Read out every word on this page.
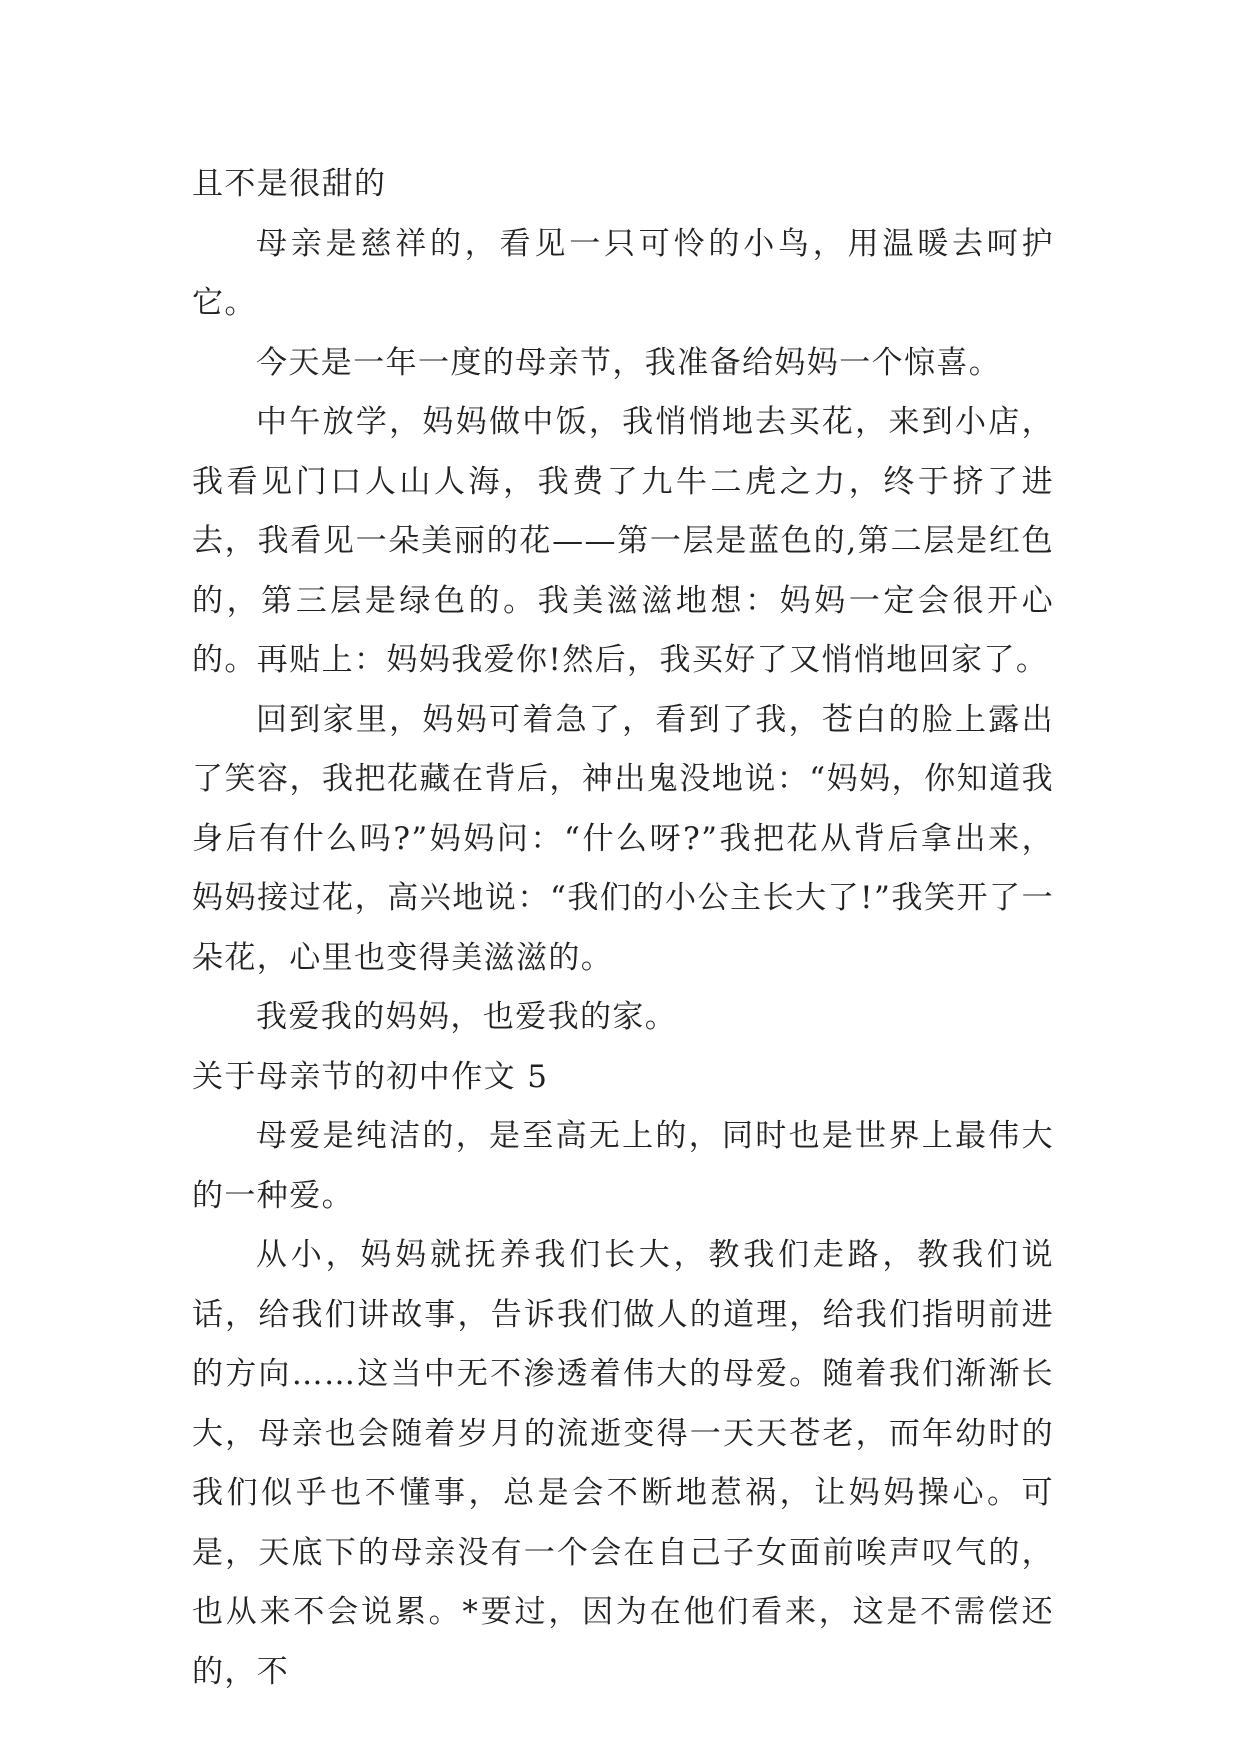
且不是很甜的

母亲是慈祥的，看见一只可怜的小鸟，用温暖去呵护它。

今天是一年一度的母亲节，我准备给妈妈一个惊喜。

中午放学，妈妈做中饭，我悄悄地去买花，来到小店，我看见门口人山人海，我费了九牛二虎之力，终于挤了进去，我看见一朵美丽的花——第一层是蓝色的,第二层是红色的，第三层是绿色的。我美滋滋地想：妈妈一定会很开心的。再贴上：妈妈我爱你!然后，我买好了又悄悄地回家了。

回到家里，妈妈可着急了，看到了我，苍白的脸上露出了笑容，我把花藏在背后，神出鬼没地说：“妈妈，你知道我身后有什么吗?”妈妈问：“什么呀?”我把花从背后拿出来，妈妈接过花，高兴地说：“我们的小公主长大了!”我笑开了一朵花，心里也变得美滋滋的。

我爱我的妈妈，也爱我的家。

关于母亲节的初中作文 5

母爱是纯洁的，是至高无上的，同时也是世界上最伟大的一种爱。

从小，妈妈就抚养我们长大，教我们走路，教我们说话，给我们讲故事，告诉我们做人的道理，给我们指明前进的方向……这当中无不渗透着伟大的母爱。随着我们渐渐长大，母亲也会随着岁月的流逝变得一天天苍老，而年幼时的我们似乎也不懂事，总是会不断地惹祸，让妈妈操心。可是，天底下的母亲没有一个会在自己子女面前唉声叹气的，也从来不会说累。*要过，因为在他们看来，这是不需偿还的，不
